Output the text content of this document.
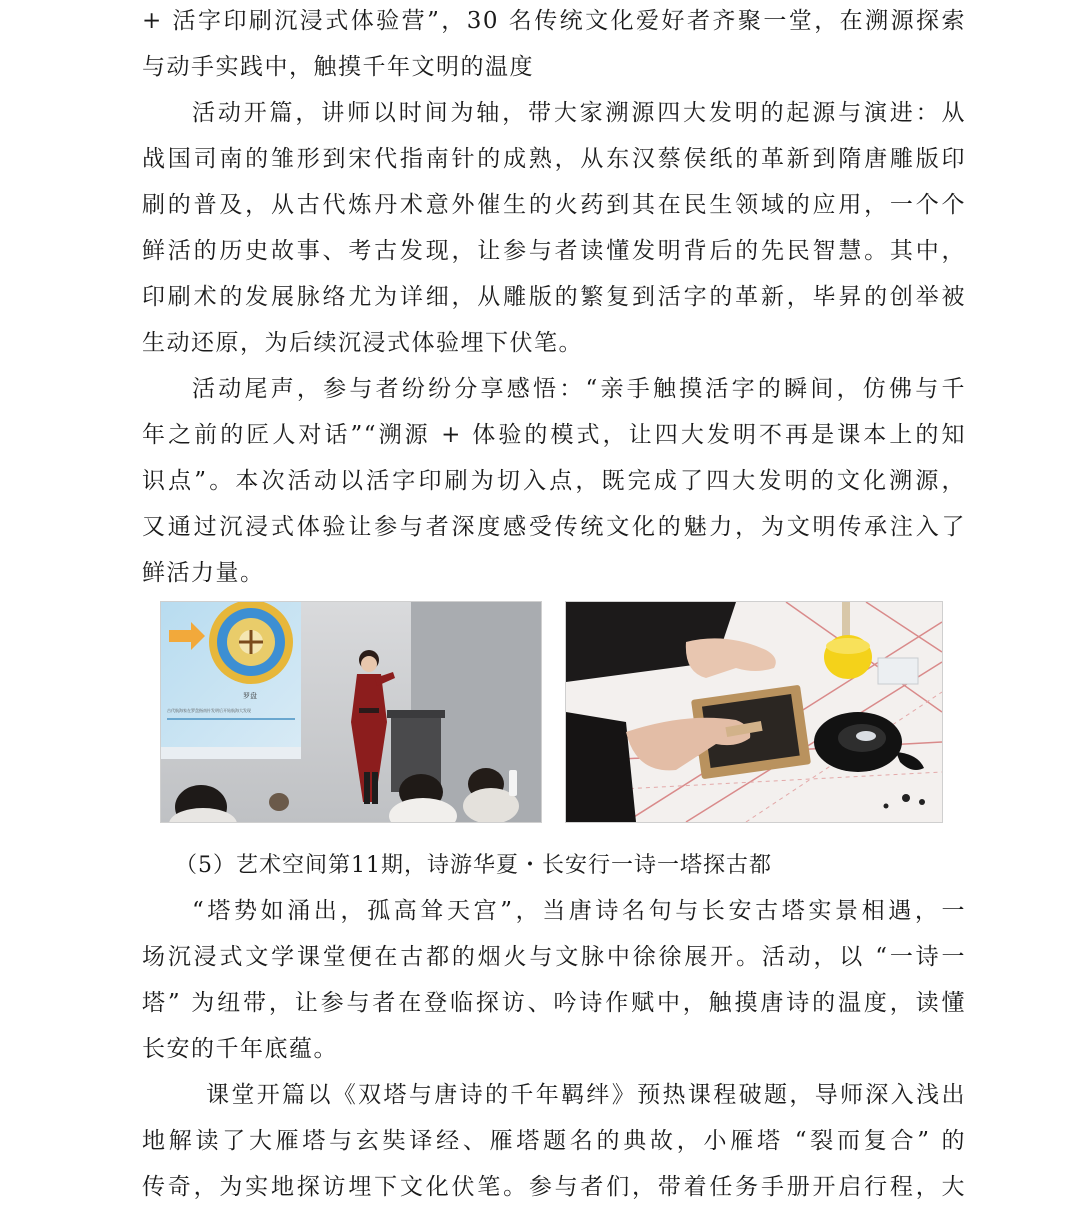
+ 活字印刷沉浸式体验营”，30 名传统文化爱好者齐聚一堂，在溯源探索
与动手实践中，触摸千年文明的温度
活动开篇，讲师以时间为轴，带大家溯源四大发明的起源与演进：从
战国司南的雏形到宋代指南针的成熟，从东汉蔡侯纸的革新到隋唐雕版印
刷的普及，从古代炼丹术意外催生的火药到其在民生领域的应用，一个个
鲜活的历史故事、考古发现，让参与者读懂发明背后的先民智慧。其中，
印刷术的发展脉络尤为详细，从雕版的繁复到活字的革新，毕昇的创举被
生动还原，为后续沉浸式体验埋下伏笔。
活动尾声，参与者纷纷分享感悟：“亲手触摸活字的瞬间，仿佛与千
年之前的匠人对话”“溯源 + 体验的模式，让四大发明不再是课本上的知
识点”。本次活动以活字印刷为切入点，既完成了四大发明的文化溯源，
又通过沉浸式体验让参与者深度感受传统文化的魅力，为文明传承注入了
鲜活力量。
“塔势如涌出，孤高耸天宫”，当唐诗名句与长安古塔实景相遇，一
场沉浸式文学课堂便在古都的烟火与文脉中徐徐展开。活动，以 “一诗一
塔” 为纽带，让参与者在登临探访、吟诗作赋中，触摸唐诗的温度，读懂
长安的千年底蕴。
课堂开篇以《双塔与唐诗的千年羁绊》预热课程破题，导师深入浅出
地解读了大雁塔与玄奘译经、雁塔题名的典故，小雁塔 “裂而复合” 的
传奇，为实地探访埋下文化伏笔。参与者们，带着任务手册开启行程，大
罗盘
古代航海家在罗盘指南针发明后开始航海大发现
（5）艺术空间第11期，诗游华夏・长安行一诗一塔探古都
